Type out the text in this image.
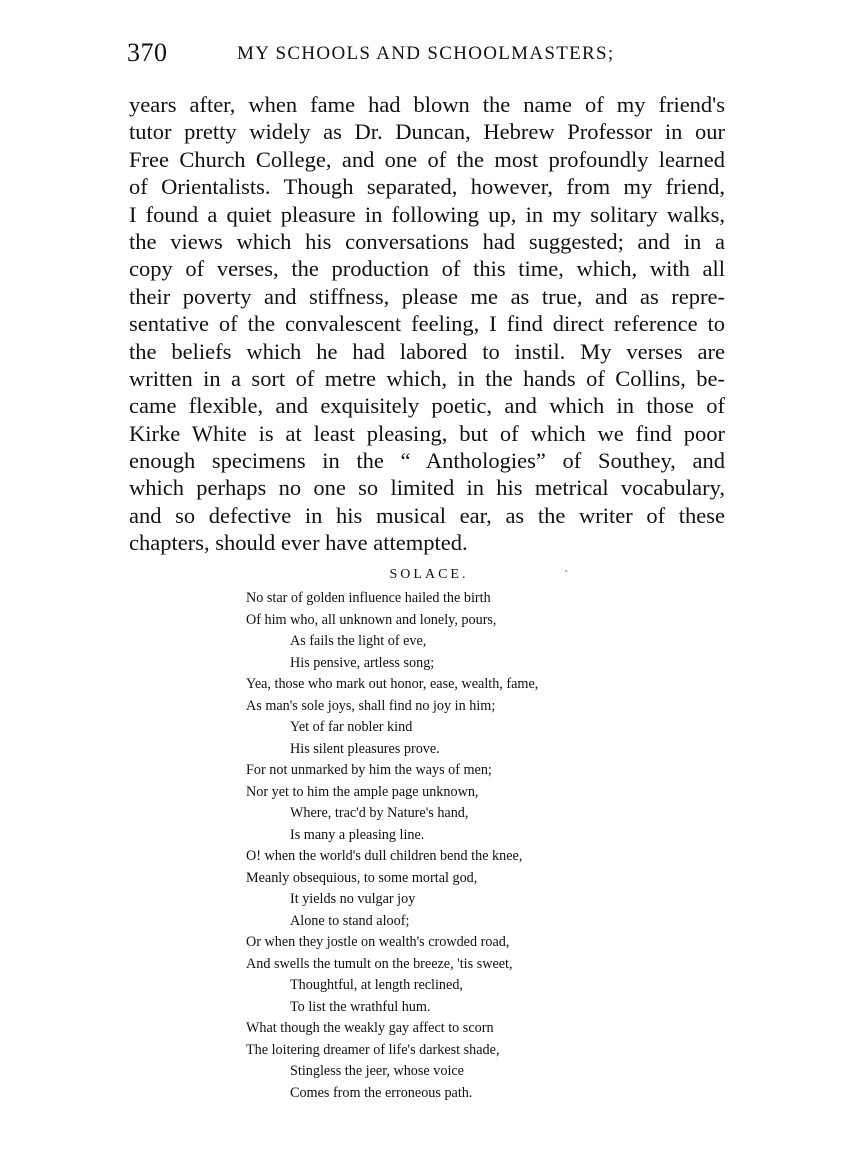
370	MY SCHOOLS AND SCHOOLMASTERS;
years after, when fame had blown the name of my friend's
tutor pretty widely as Dr. Duncan, Hebrew Professor in our
Free Church College, and one of the most profoundly learned
of Orientalists. Though separated, however, from my friend,
I found a quiet pleasure in following up, in my solitary walks,
the views which his conversations had suggested; and in a
copy of verses, the production of this time, which, with all
their poverty and stiffness, please me as true, and as repre-
sentative of the convalescent feeling, I find direct reference to
the beliefs which he had labored to instil. My verses are
written in a sort of metre which, in the hands of Collins, be-
came flexible, and exquisitely poetic, and which in those of
Kirke White is at least pleasing, but of which we find poor
enough specimens in the “ Anthologies” of Southey, and
which perhaps no one so limited in his metrical vocabulary,
and so defective in his musical ear, as the writer of these
chapters, should ever have attempted.
ˏ
SOLACE.
No star of golden influence hailed the birth
Of him who, all unknown and lonely, pours,
As fails the light of eve,
His pensive, artless song;
Yea, those who mark out honor, ease, wealth, fame,
As man's sole joys, shall find no joy in him;
Yet of far nobler kind
His silent pleasures prove.
For not unmarked by him the ways of men;
Nor yet to him the ample page unknown,
Where, trac'd by Nature's hand,
Is many a pleasing line.
O! when the world's dull children bend the knee,
Meanly obsequious, to some mortal god,
It yields no vulgar joy
Alone to stand aloof;
Or when they jostle on wealth's crowded road,
And swells the tumult on the breeze, 'tis sweet,
Thoughtful, at length reclined,
To list the wrathful hum.
What though the weakly gay affect to scorn
The loitering dreamer of life's darkest shade,
Stingless the jeer, whose voice
Comes from the erroneous path.
